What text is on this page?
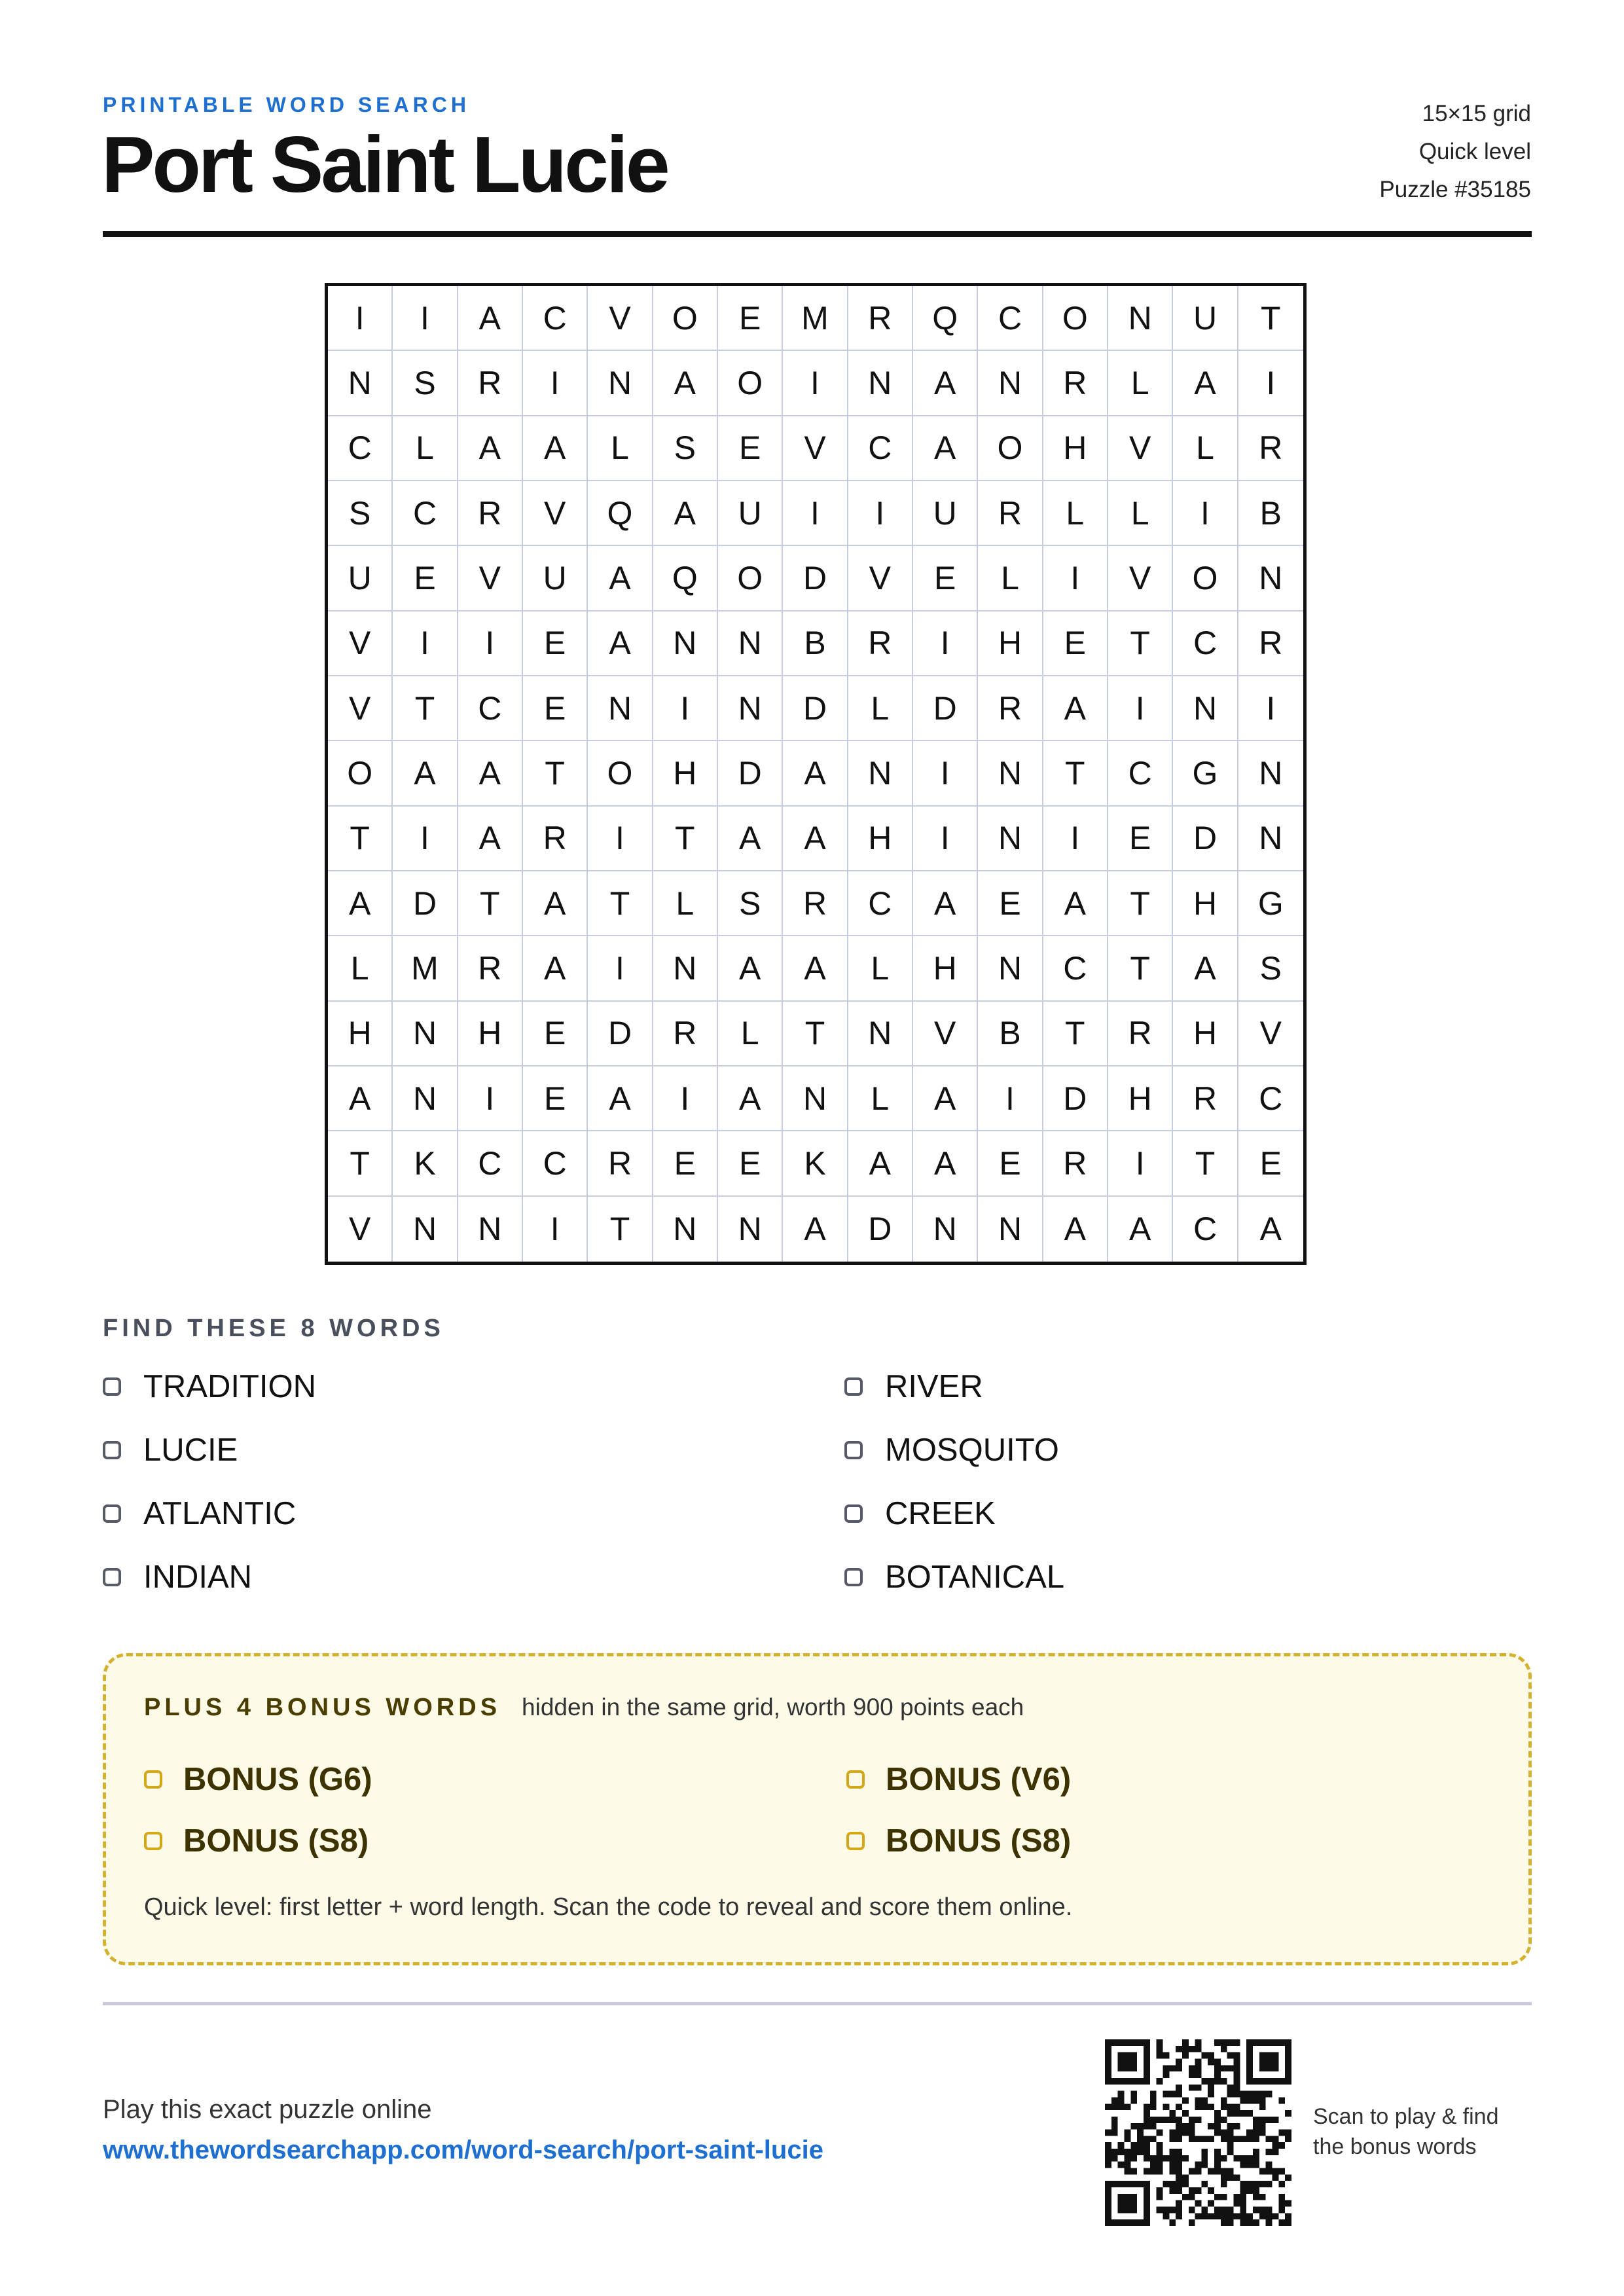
PRINTABLE WORD SEARCH
Port Saint Lucie
15×15 grid
Quick level
Puzzle #35185
I	I	A	C	V	O	E	M	R	Q	C	O	N	U	T
N	S	R	I	N	A	O	I	N	A	N	R	L	A	I
C	L	A	A	L	S	E	V	C	A	O	H	V	L	R
S	C	R	V	Q	A	U	I	I	U	R	L	L	I	B
U	E	V	U	A	Q	O	D	V	E	L	I	V	O	N
V	I	I	E	A	N	N	B	R	I	H	E	T	C	R
V	T	C	E	N	I	N	D	L	D	R	A	I	N	I
O	A	A	T	O	H	D	A	N	I	N	T	C	G	N
T	I	A	R	I	T	A	A	H	I	N	I	E	D	N
A	D	T	A	T	L	S	R	C	A	E	A	T	H	G
L	M	R	A	I	N	A	A	L	H	N	C	T	A	S
H	N	H	E	D	R	L	T	N	V	B	T	R	H	V
A	N	I	E	A	I	A	N	L	A	I	D	H	R	C
T	K	C	C	R	E	E	K	A	A	E	R	I	T	E
V	N	N	I	T	N	N	A	D	N	N	A	A	C	A
FIND THESE 8 WORDS
TRADITION	RIVER
LUCIE	MOSQUITO
ATLANTIC	CREEK
INDIAN	BOTANICAL
PLUS 4 BONUS WORDS hidden in the same grid, worth 900 points each
BONUS (G6)	BONUS (V6)
BONUS (S8)	BONUS (S8)
Quick level: first letter + word length. Scan the code to reveal and score them online.
Play this exact puzzle online
www.thewordsearchapp.com/word-search/port-saint-lucie
Scan to play & find
the bonus words
